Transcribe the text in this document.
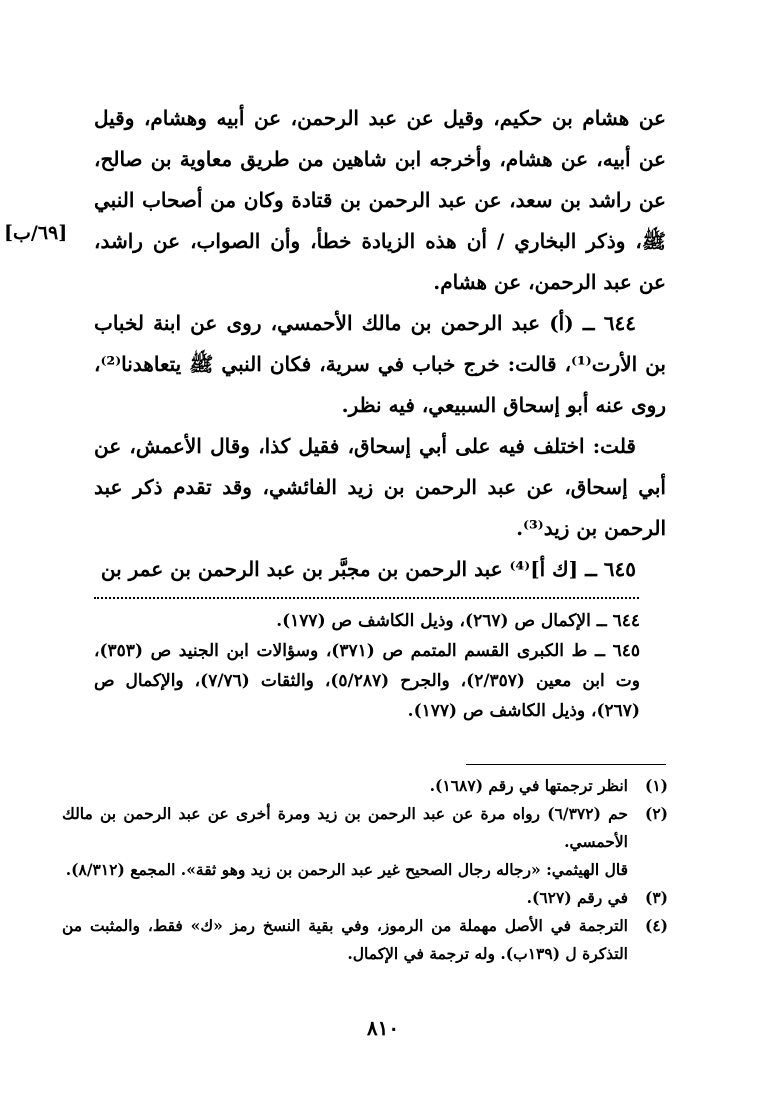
عن هشام بن حكيم، وقيل عن عبد الرحمن، عن أبيه وهشام، وقيل عن أبيه، عن هشام، وأخرجه ابن شاهين من طريق معاوية بن صالح، عن راشد بن سعد، عن عبد الرحمن بن قتادة وكان من أصحاب النبي ﷺ، وذكر البخاري / أن هذه الزيادة خطأ، وأن الصواب، عن راشد، عن عبد الرحمن، عن هشام.

٦٤٤ ــ (أ) عبد الرحمن بن مالك الأحمسي، روى عن ابنة لخباب بن الأرت⁽¹⁾، قالت: خرج خباب في سرية، فكان النبي ﷺ يتعاهدنا⁽²⁾، روى عنه أبو إسحاق السبيعي، فيه نظر.

قلت: اختلف فيه على أبي إسحاق، فقيل كذا، وقال الأعمش، عن أبي إسحاق، عن عبد الرحمن بن زيد الفائشي، وقد تقدم ذكر عبد الرحمن بن زيد⁽³⁾.

٦٤٥ ــ [ك أ]⁽⁴⁾ عبد الرحمن بن مجبَّر بن عبد الرحمن بن عمر بن

[٦٩/ب]

٦٤٤ ــ الإكمال ص (٢٦٧)، وذيل الكاشف ص (١٧٧).

٦٤٥ ــ ط الكبرى القسم المتمم ص (٣٧١)، وسؤالات ابن الجنيد ص (٣٥٣)، وت ابن معين (٢/٣٥٧)، والجرح (٥/٢٨٧)، والثقات (٧/٧٦)، والإكمال ص (٢٦٧)، وذيل الكاشف ص (١٧٧).

(١)
انظر ترجمتها في رقم (١٦٨٧).

(٢)
حم (٦/٣٧٢) رواه مرة عن عبد الرحمن بن زيد ومرة أخرى عن عبد الرحمن بن مالك الأحمسي.
قال الهيثمي: «رجاله رجال الصحيح غير عبد الرحمن بن زيد وهو ثقة». المجمع (٨/٣١٢).

(٣)
في رقم (٦٢٧).

(٤)
الترجمة في الأصل مهملة من الرموز، وفي بقية النسخ رمز «ك» فقط، والمثبت من التذكرة ل (١٣٩ب). وله ترجمة في الإكمال.

٨١٠
